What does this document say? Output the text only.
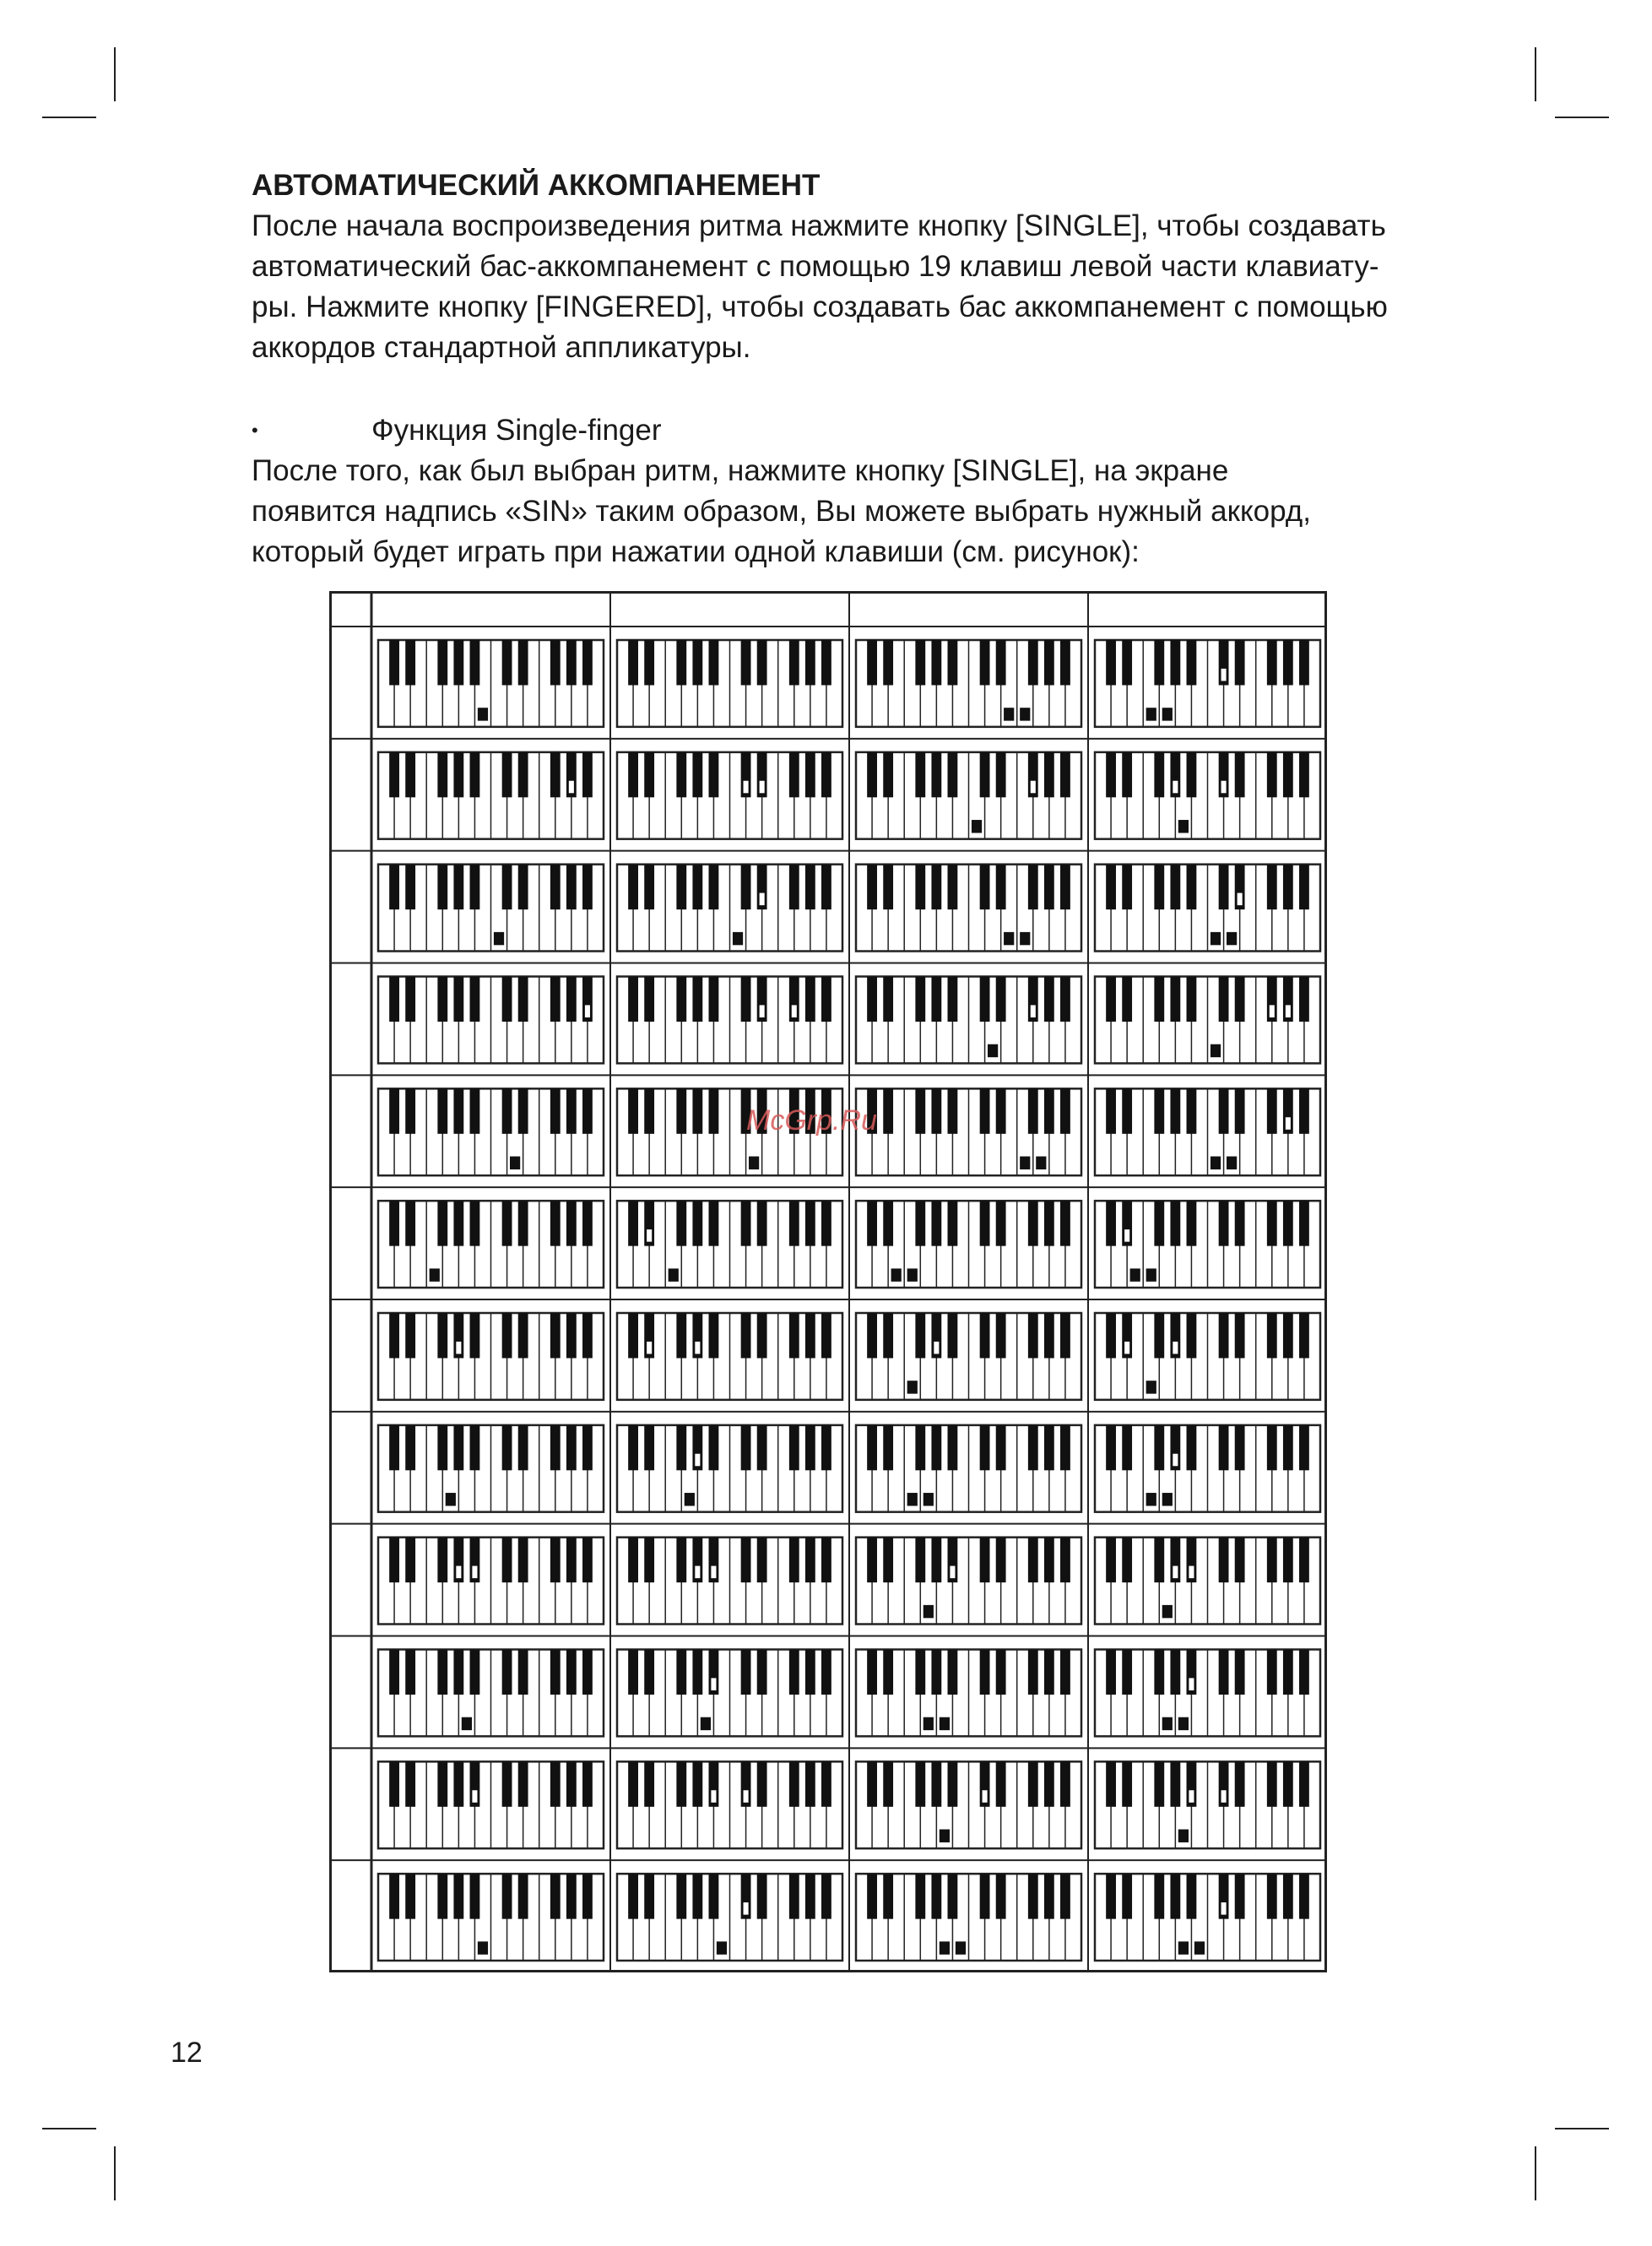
АВТОМАТИЧЕСКИЙ АККОМПАНЕМЕНТ
После начала воспроизведения ритма нажмите кнопку [SINGLE], чтобы создавать
автоматический бас-аккомпанемент с помощью 19 клавиш левой части клавиату-
ры. Нажмите кнопку [FINGERED], чтобы создавать бас аккомпанемент с помощью
аккордов стандартной аппликатуры.
•	Функция Single-finger
После того, как был выбран ритм, нажмите кнопку [SINGLE], на экране
появится надпись «SIN» таким образом, Вы можете выбрать нужный аккорд,
который будет играть при нажатии одной клавиши (см. рисунок):
McGrp.Ru
12
